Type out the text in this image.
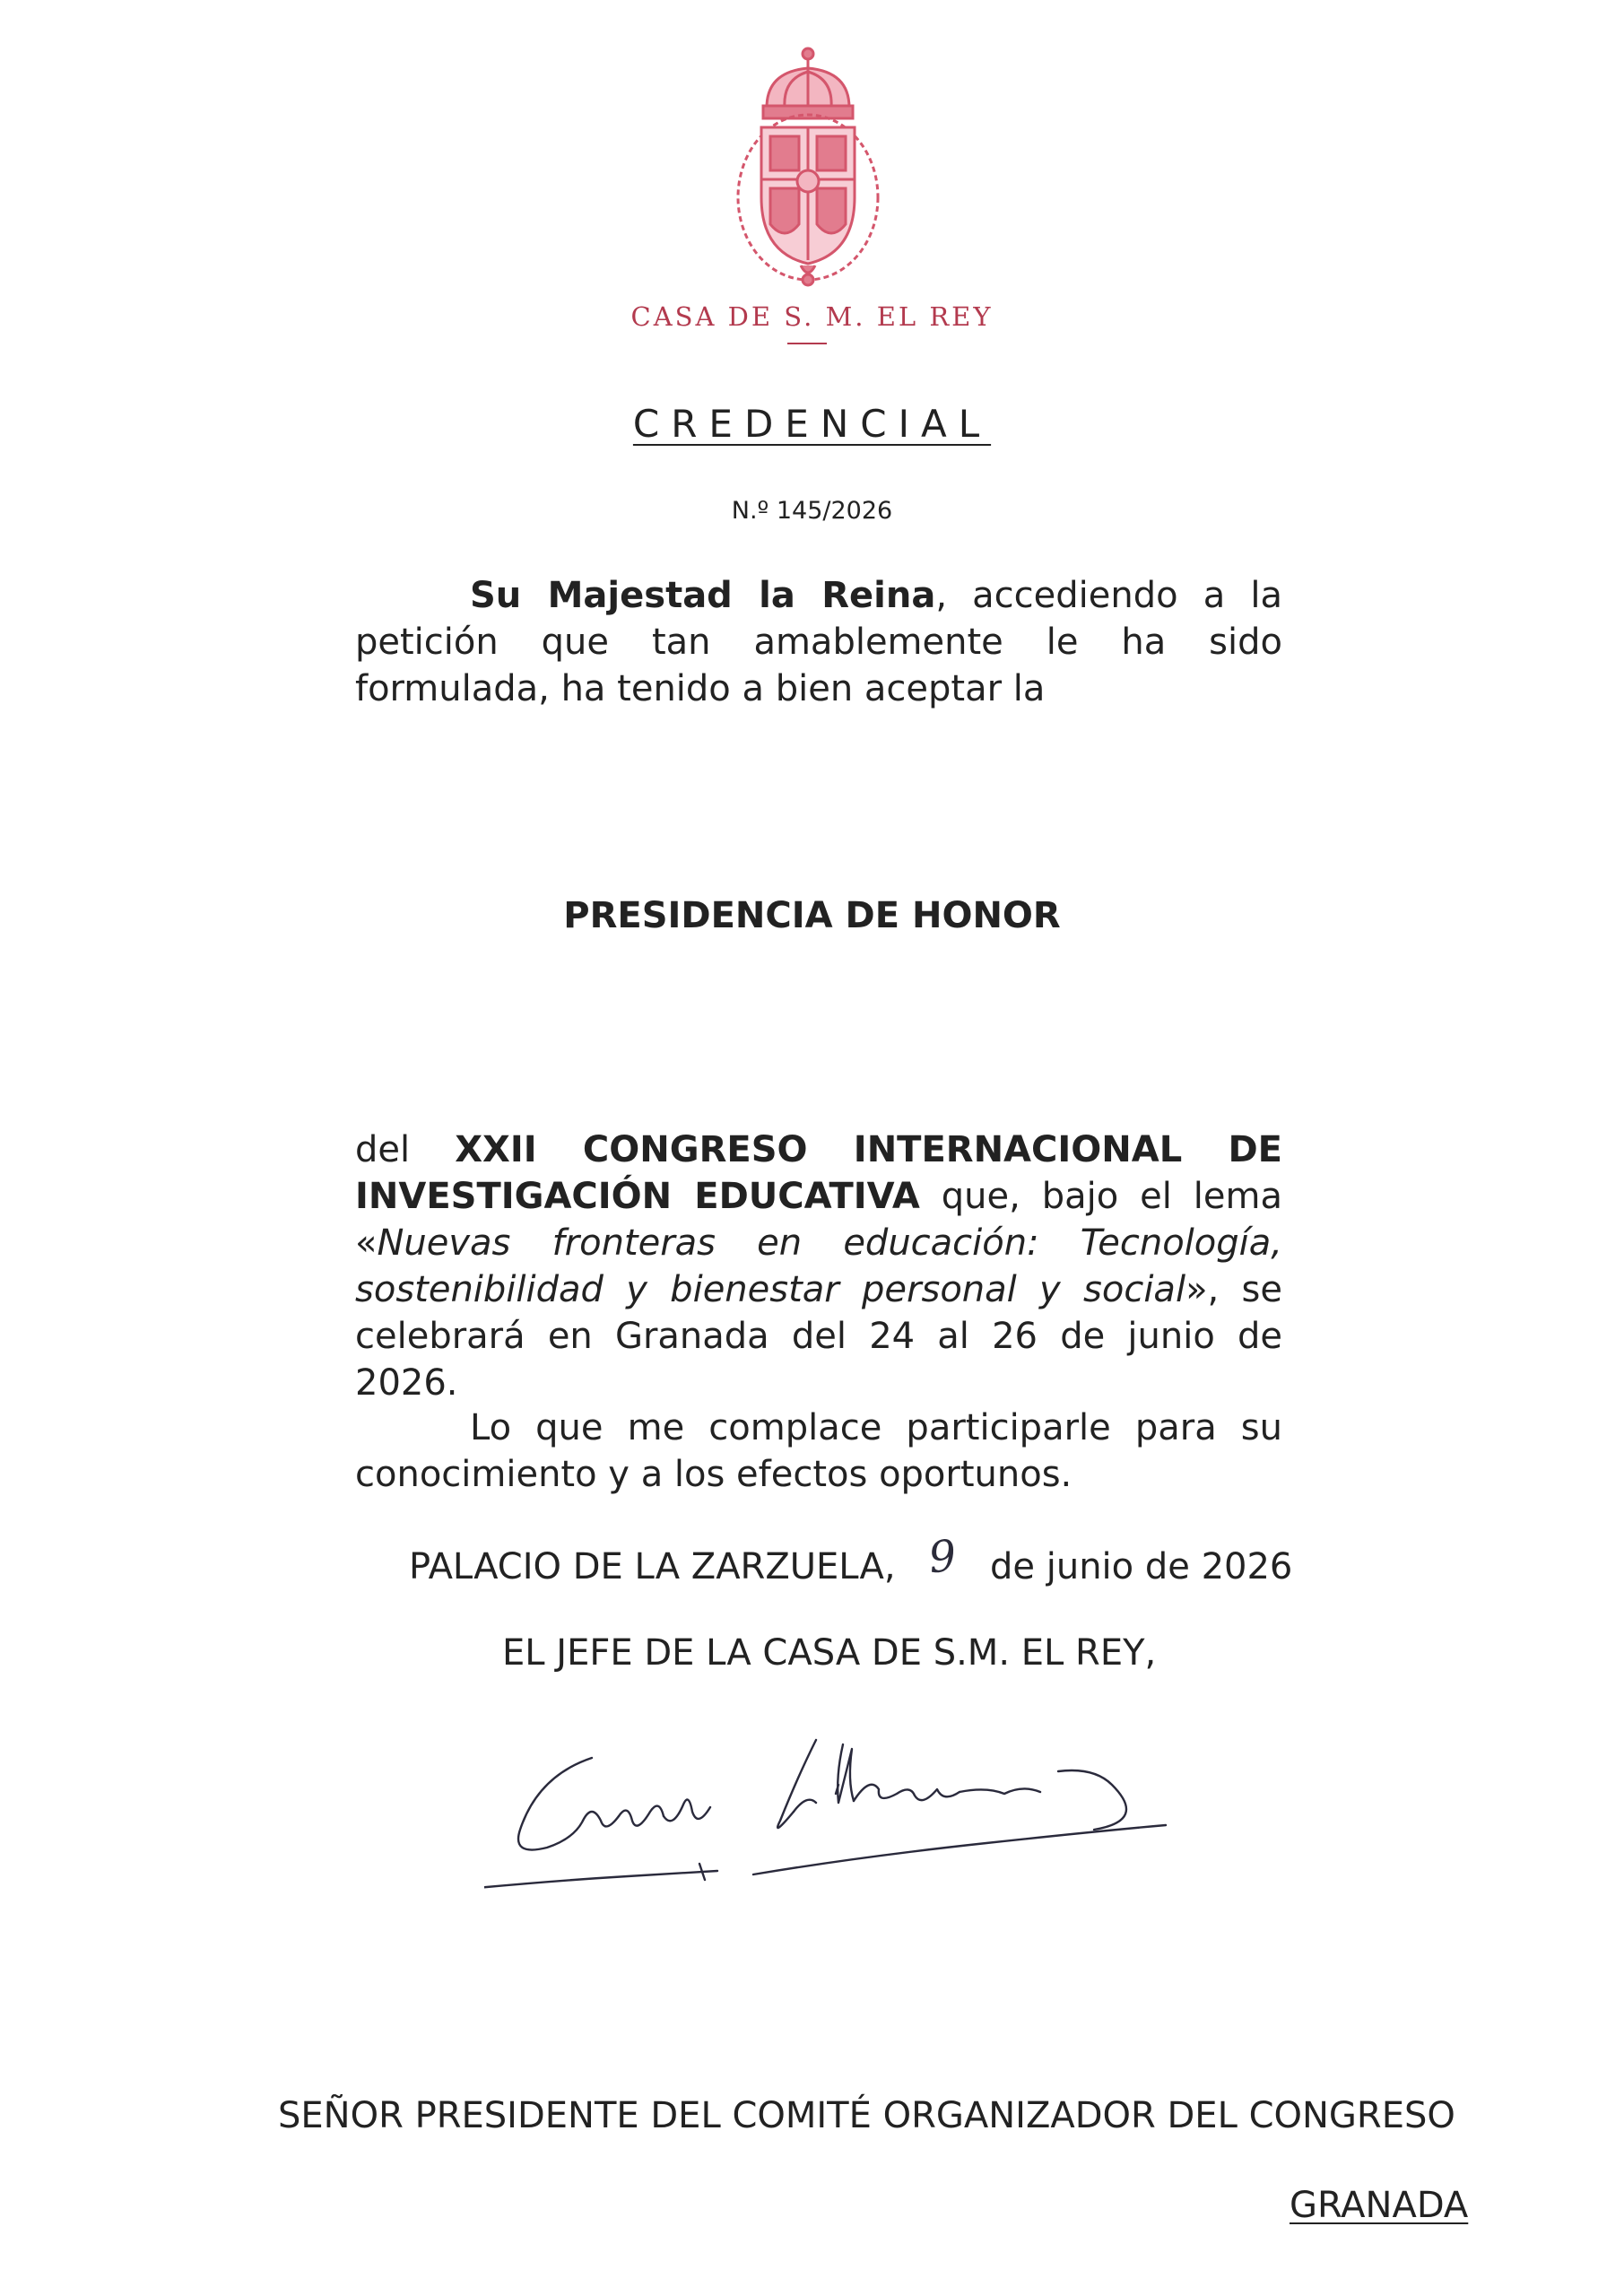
CASA DE S. M. EL REY
CREDENCIAL
N.º 145/2026
Su Majestad la Reina, accediendo a la petición que tan amablemente le ha sido formulada, ha tenido a bien aceptar la
PRESIDENCIA DE HONOR
del XXII CONGRESO INTERNACIONAL DE INVESTIGACIÓN EDUCATIVA que, bajo el lema «Nuevas fronteras en educación: Tecnología, sostenibilidad y bienestar personal y social», se celebrará en Granada del 24 al 26 de junio de 2026.
Lo que me complace participarle para su conocimiento y a los efectos oportunos.
PALACIO DE LA ZARZUELA, 9 de junio de 2026
EL JEFE DE LA CASA DE S.M. EL REY,
SEÑOR PRESIDENTE DEL COMITÉ ORGANIZADOR DEL CONGRESO
GRANADA
